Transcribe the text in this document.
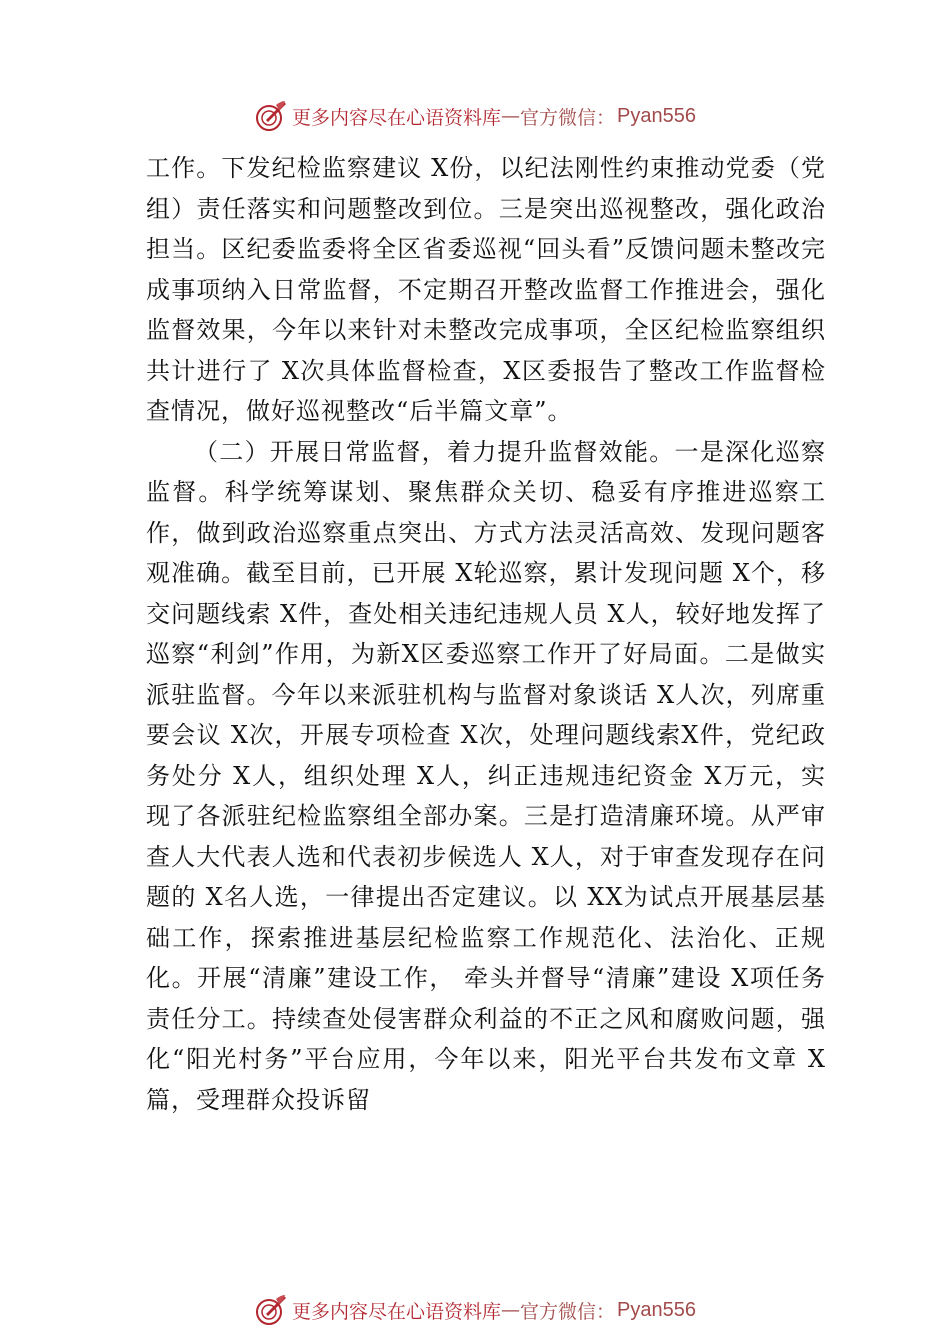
更多内容尽在心语资料库 — 官方微信： Pyan556

工作。下发纪检监察建议 X份，以纪法刚性约束推动党委（党组）责任落实和问题整改到位。三是突出巡视整改，强化政治担当。区纪委监委将全区省委巡视“回头看”反馈问题未整改完成事项纳入日常监督，不定期召开整改监督工作推进会，强化监督效果，今年以来针对未整改完成事项，全区纪检监察组织共计进行了 X次具体监督检查，X区委报告了整改工作监督检查情况，做好巡视整改“后半篇文章”。

（二）开展日常监督，着力提升监督效能。一是深化巡察监督。科学统筹谋划、聚焦群众关切、稳妥有序推进巡察工作，做到政治巡察重点突出、方式方法灵活高效、发现问题客观准确。截至目前，已开展 X轮巡察，累计发现问题 X个，移交问题线索 X件，查处相关违纪违规人员 X人，较好地发挥了巡察“利剑”作用，为新X区委巡察工作开了好局面。二是做实派驻监督。今年以来派驻机构与监督对象谈话 X人次，列席重要会议 X次，开展专项检查 X次，处理问题线索X件，党纪政务处分 X人，组织处理 X人，纠正违规违纪资金 X万元，实现了各派驻纪检监察组全部办案。三是打造清廉环境。从严审查人大代表人选和代表初步候选人 X人，对于审查发现存在问题的 X名人选，一律提出否定建议。以 XX为试点开展基层基础工作，探索推进基层纪检监察工作规范化、法治化、正规化。开展“清廉”建设工作， 牵头并督导“清廉”建设 X项任务责任分工。持续查处侵害群众利益的不正之风和腐败问题，强化“阳光村务”平台应用，今年以来，阳光平台共发布文章 X篇，受理群众投诉留

更多内容尽在心语资料库 — 官方微信： Pyan556
